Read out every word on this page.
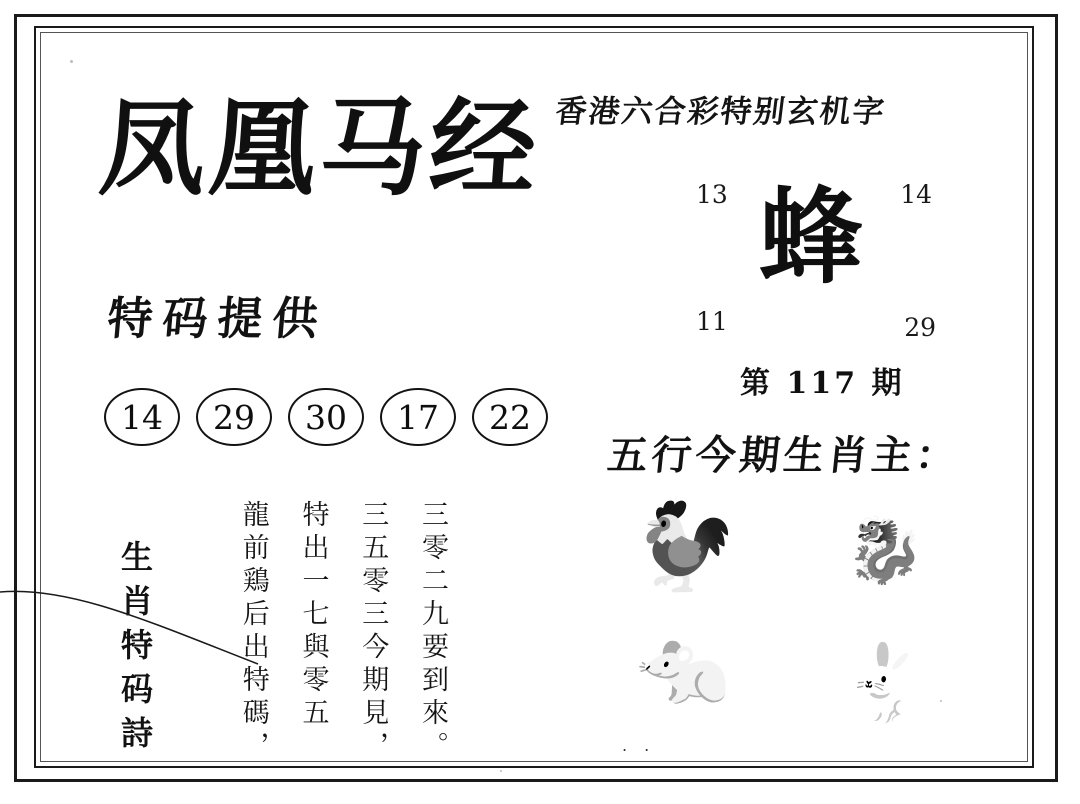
香港六合彩特别玄机字
凤凰马经
特码提供
13	14
11	29
蜂
第 117 期
14	29	30	17	22
五行今期生肖主：
🐓 🐉
🐀 🐇
三零二九要到來。
三五零三今期見，
特出一七與零五
龍前鶏后出特碼，
生肖特码詩	. .
